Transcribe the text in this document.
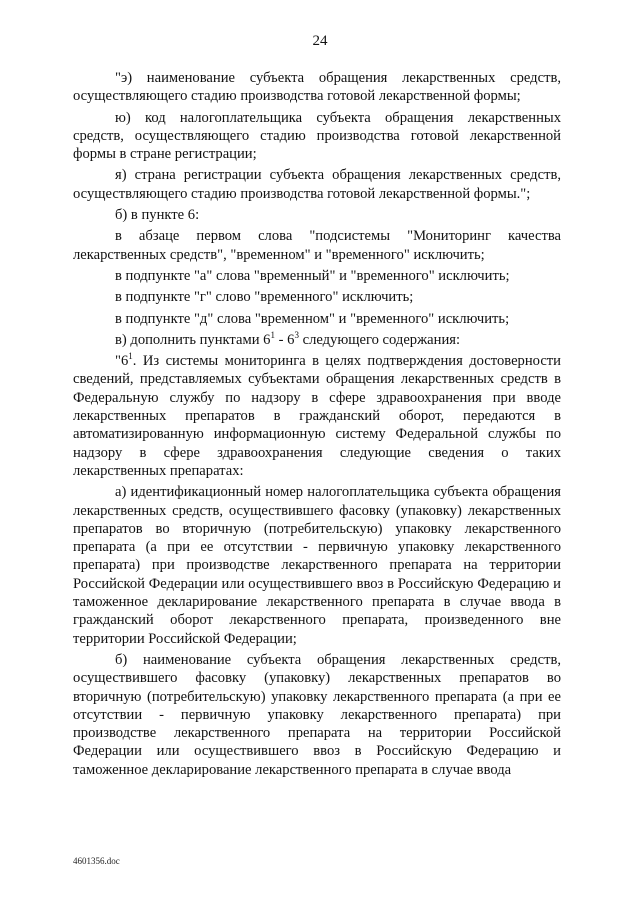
24

"э) наименование субъекта обращения лекарственных средств, осуществляющего стадию производства готовой лекарственной формы;

ю) код налогоплательщика субъекта обращения лекарственных средств, осуществляющего стадию производства готовой лекарственной формы в стране регистрации;

я) страна регистрации субъекта обращения лекарственных средств, осуществляющего стадию производства готовой лекарственной формы.";

б) в пункте 6:

в абзаце первом слова "подсистемы "Мониторинг качества лекарственных средств", "временном" и "временного" исключить;

в подпункте "а" слова "временный" и "временного" исключить;

в подпункте "г" слово "временного" исключить;

в подпункте "д" слова "временном" и "временного" исключить;

в) дополнить пунктами $6^1 - 6^3$ следующего содержания:

"$6^1$. Из системы мониторинга в целях подтверждения достоверности сведений, представляемых субъектами обращения лекарственных средств в Федеральную службу по надзору в сфере здравоохранения при вводе лекарственных препаратов в гражданский оборот, передаются в автоматизированную информационную систему Федеральной службы по надзору в сфере здравоохранения следующие сведения о таких лекарственных препаратах:

а) идентификационный номер налогоплательщика субъекта обращения лекарственных средств, осуществившего фасовку (упаковку) лекарственных препаратов во вторичную (потребительскую) упаковку лекарственного препарата (а при ее отсутствии - первичную упаковку лекарственного препарата) при производстве лекарственного препарата на территории Российской Федерации или осуществившего ввоз в Российскую Федерацию и таможенное декларирование лекарственного препарата в случае ввода в гражданский оборот лекарственного препарата, произведенного вне территории Российской Федерации;

б) наименование субъекта обращения лекарственных средств, осуществившего фасовку (упаковку) лекарственных препаратов во вторичную (потребительскую) упаковку лекарственного препарата (а при ее отсутствии - первичную упаковку лекарственного препарата) при производстве лекарственного препарата на территории Российской Федерации или осуществившего ввоз в Российскую Федерацию и таможенное декларирование лекарственного препарата в случае ввода

4601356.doc
